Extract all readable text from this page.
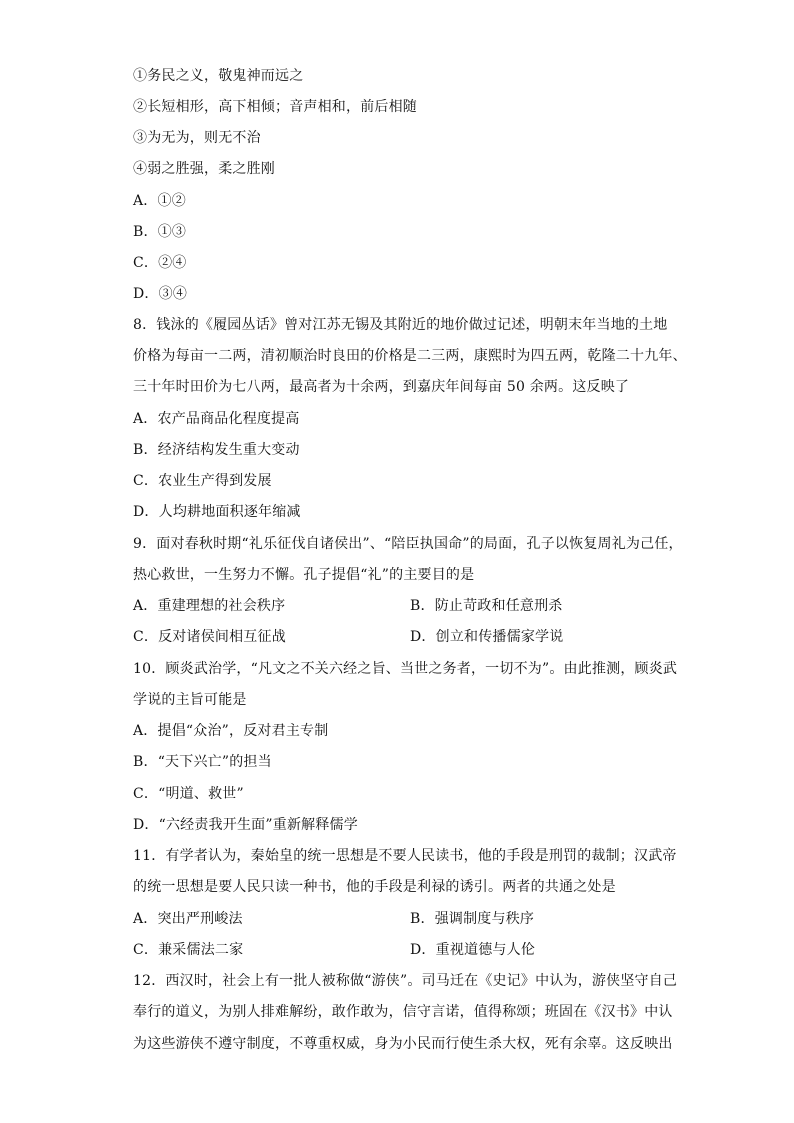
①务民之义，敬鬼神而远之
②长短相形，高下相倾；音声相和，前后相随
③为无为，则无不治
④弱之胜强，柔之胜刚
A．①②
B．①③
C．②④
D．③④
8．钱泳的《履园丛话》曾对江苏无锡及其附近的地价做过记述，明朝末年当地的土地
价格为每亩一二两，清初顺治时良田的价格是二三两，康熙时为四五两，乾隆二十九年、
三十年时田价为七八两，最高者为十余两，到嘉庆年间每亩 50 余两。这反映了
A．农产品商品化程度提高
B．经济结构发生重大变动
C．农业生产得到发展
D．人均耕地面积逐年缩减
9．面对春秋时期“礼乐征伐自诸侯出”、“陪臣执国命”的局面，孔子以恢复周礼为己任，
热心救世，一生努力不懈。孔子提倡“礼”的主要目的是
A．重建理想的社会秩序	B．防止苛政和任意刑杀
C．反对诸侯间相互征战	D．创立和传播儒家学说
10．顾炎武治学，“凡文之不关六经之旨、当世之务者，一切不为”。由此推测，顾炎武
学说的主旨可能是
A．提倡“众治”，反对君主专制
B．“天下兴亡”的担当
C．“明道、救世”
D．“六经责我开生面”重新解释儒学
11．有学者认为，秦始皇的统一思想是不要人民读书，他的手段是刑罚的裁制；汉武帝
的统一思想是要人民只读一种书，他的手段是利禄的诱引。两者的共通之处是
A．突出严刑峻法	B．强调制度与秩序
C．兼采儒法二家	D．重视道德与人伦
12．西汉时，社会上有一批人被称做“游侠”。司马迁在《史记》中认为，游侠坚守自己
奉行的道义，为别人排难解纷，敢作敢为，信守言诺，值得称颂；班固在《汉书》中认
为这些游侠不遵守制度，不尊重权威，身为小民而行使生杀大权，死有余辜。这反映出
